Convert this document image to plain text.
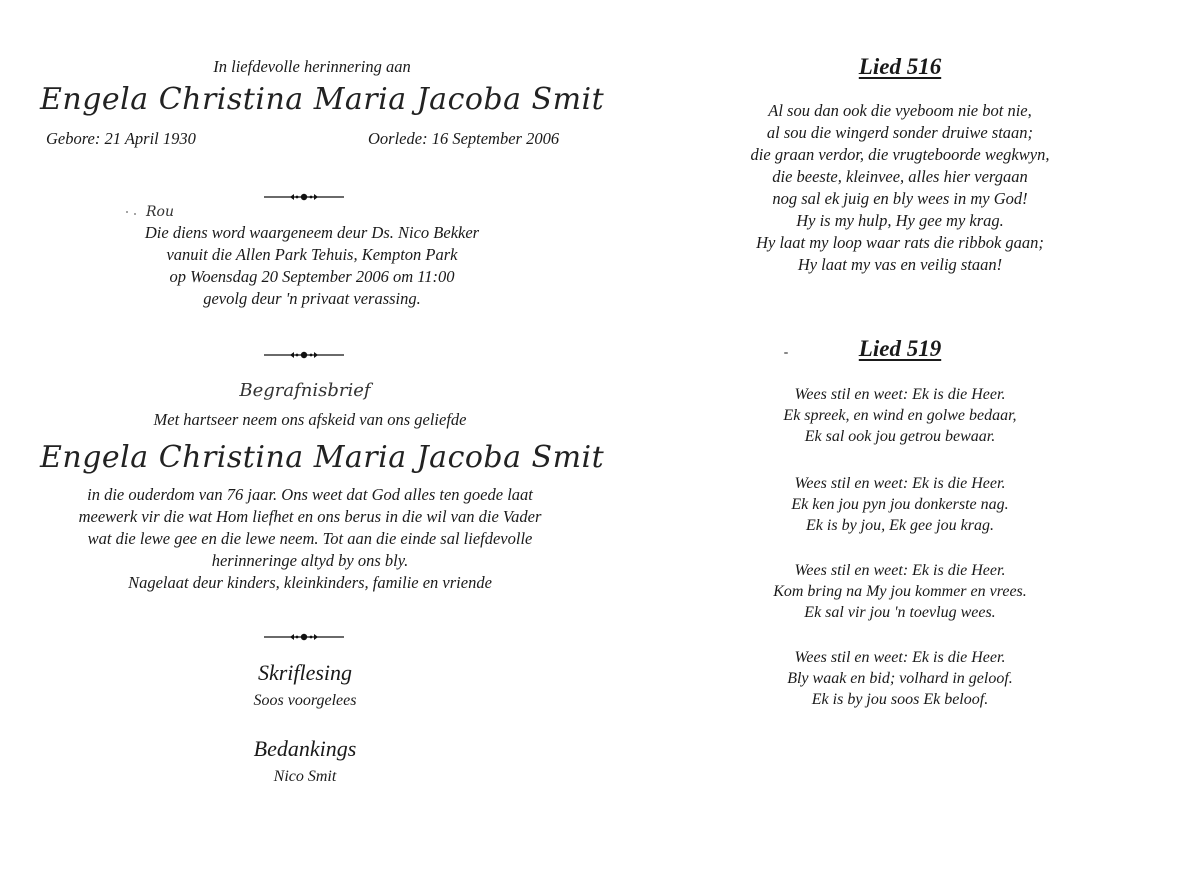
In liefdevolle herinnering aan
Engela Christina Maria Jacoba Smit
Gebore: 21 April 1930	Oorlede: 16 September 2006
Rou
Die diens word waargeneem deur Ds. Nico Bekker
vanuit die Allen Park Tehuis, Kempton Park
op Woensdag 20 September 2006 om 11:00
gevolg deur 'n privaat verassing.
Begrafnisbrief
Met hartseer neem ons afskeid van ons geliefde
Engela Christina Maria Jacoba Smit
in die ouderdom van 76 jaar. Ons weet dat God alles ten goede laat
meewerk vir die wat Hom liefhet en ons berus in die wil van die Vader
wat die lewe gee en die lewe neem. Tot aan die einde sal liefdevolle
herinneringe altyd by ons bly.
Nagelaat deur kinders, kleinkinders, familie en vriende
Skriflesing
Soos voorgelees
Bedankings
Nico Smit
Lied 516
Al sou dan ook die vyeboom nie bot nie,
al sou die wingerd sonder druiwe staan;
die graan verdor, die vrugteboorde wegkwyn,
die beeste, kleinvee, alles hier vergaan
nog sal ek juig en bly wees in my God!
Hy is my hulp, Hy gee my krag.
Hy laat my loop waar rats die ribbok gaan;
Hy laat my vas en veilig staan!
Lied 519
Wees stil en weet: Ek is die Heer.
Ek spreek, en wind en golwe bedaar,
Ek sal ook jou getrou bewaar.
Wees stil en weet: Ek is die Heer.
Ek ken jou pyn jou donkerste nag.
Ek is by jou, Ek gee jou krag.
Wees stil en weet: Ek is die Heer.
Kom bring na My jou kommer en vrees.
Ek sal vir jou 'n toevlug wees.
Wees stil en weet: Ek is die Heer.
Bly waak en bid; volhard in geloof.
Ek is by jou soos Ek beloof.
